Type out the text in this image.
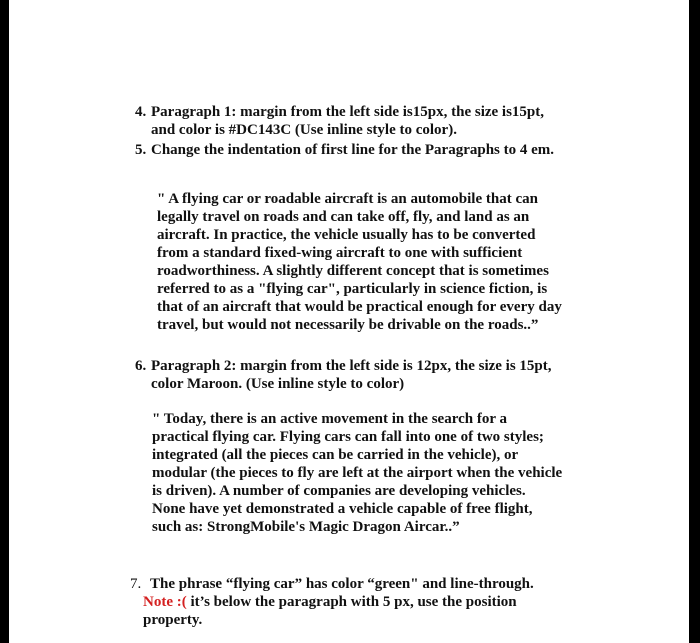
4. Paragraph 1: margin from the left side is15px, the size is15pt,
and color is #DC143C (Use inline style to color).
5. Change the indentation of first line for the Paragraphs to 4 em.
" A flying car or roadable aircraft is an automobile that can
legally travel on roads and can take off, fly, and land as an
aircraft. In practice, the vehicle usually has to be converted
from a standard fixed-wing aircraft to one with sufficient
roadworthiness. A slightly different concept that is sometimes
referred to as a "flying car", particularly in science fiction, is
that of an aircraft that would be practical enough for every day
travel, but would not necessarily be drivable on the roads..”
6. Paragraph 2: margin from the left side is 12px, the size is 15pt,
color Maroon. (Use inline style to color)
" Today, there is an active movement in the search for a
practical flying car. Flying cars can fall into one of two styles;
integrated (all the pieces can be carried in the vehicle), or
modular (the pieces to fly are left at the airport when the vehicle
is driven). A number of companies are developing vehicles.
None have yet demonstrated a vehicle capable of free flight,
such as: StrongMobile's Magic Dragon Aircar..”
7. The phrase “flying car” has color “green" and line-through.
Note :( it’s below the paragraph with 5 px, use the position
property.
